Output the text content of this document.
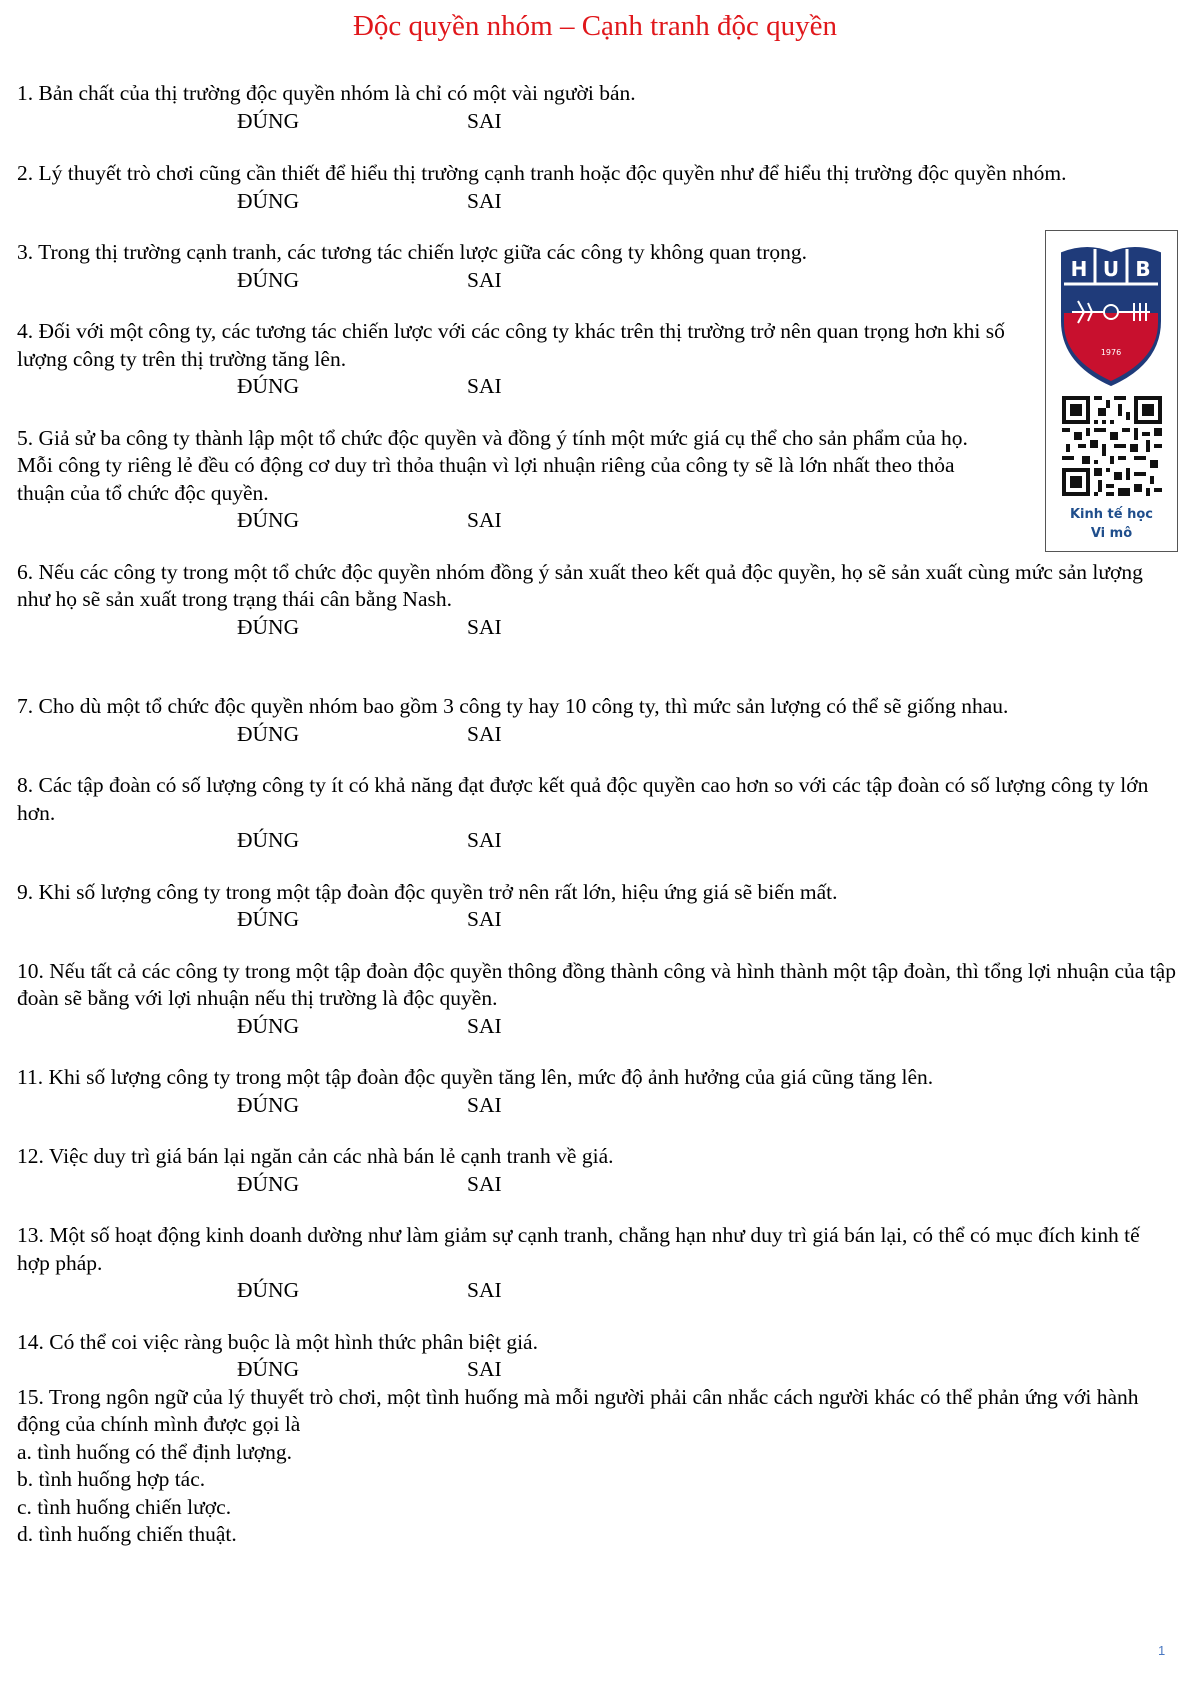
Độc quyền nhóm – Cạnh tranh độc quyền
1. Bản chất của thị trường độc quyền nhóm là chỉ có một vài người bán.
ĐÚNG	SAI
2. Lý thuyết trò chơi cũng cần thiết để hiểu thị trường cạnh tranh hoặc độc quyền như để hiểu thị trường độc quyền nhóm.
ĐÚNG	SAI
3. Trong thị trường cạnh tranh, các tương tác chiến lược giữa các công ty không quan trọng.
ĐÚNG	SAI
4. Đối với một công ty, các tương tác chiến lược với các công ty khác trên thị trường trở nên quan trọng hơn khi số lượng công ty trên thị trường tăng lên.
ĐÚNG	SAI
5. Giả sử ba công ty thành lập một tổ chức độc quyền và đồng ý tính một mức giá cụ thể cho sản phẩm của họ. Mỗi công ty riêng lẻ đều có động cơ duy trì thỏa thuận vì lợi nhuận riêng của công ty sẽ là lớn nhất theo thỏa thuận của tổ chức độc quyền.
ĐÚNG	SAI
6. Nếu các công ty trong một tổ chức độc quyền nhóm đồng ý sản xuất theo kết quả độc quyền, họ sẽ sản xuất cùng mức sản lượng như họ sẽ sản xuất trong trạng thái cân bằng Nash.
ĐÚNG	SAI
7. Cho dù một tổ chức độc quyền nhóm bao gồm 3 công ty hay 10 công ty, thì mức sản lượng có thể sẽ giống nhau.
ĐÚNG	SAI
8. Các tập đoàn có số lượng công ty ít có khả năng đạt được kết quả độc quyền cao hơn so với các tập đoàn có số lượng công ty lớn hơn.
ĐÚNG	SAI
9. Khi số lượng công ty trong một tập đoàn độc quyền trở nên rất lớn, hiệu ứng giá sẽ biến mất.
ĐÚNG	SAI
10. Nếu tất cả các công ty trong một tập đoàn độc quyền thông đồng thành công và hình thành một tập đoàn, thì tổng lợi nhuận của tập đoàn sẽ bằng với lợi nhuận nếu thị trường là độc quyền.
ĐÚNG	SAI
11. Khi số lượng công ty trong một tập đoàn độc quyền tăng lên, mức độ ảnh hưởng của giá cũng tăng lên.
ĐÚNG	SAI
12. Việc duy trì giá bán lại ngăn cản các nhà bán lẻ cạnh tranh về giá.
ĐÚNG	SAI
13. Một số hoạt động kinh doanh dường như làm giảm sự cạnh tranh, chẳng hạn như duy trì giá bán lại, có thể có mục đích kinh tế hợp pháp.
ĐÚNG	SAI
14. Có thể coi việc ràng buộc là một hình thức phân biệt giá.
ĐÚNG	SAI
15. Trong ngôn ngữ của lý thuyết trò chơi, một tình huống mà mỗi người phải cân nhắc cách người khác có thể phản ứng với hành động của chính mình được gọi là
a. tình huống có thể định lượng.
b. tình huống hợp tác.
c. tình huống chiến lược.
d. tình huống chiến thuật.
H U B
1976
Kinh tế học
Vi mô
1
